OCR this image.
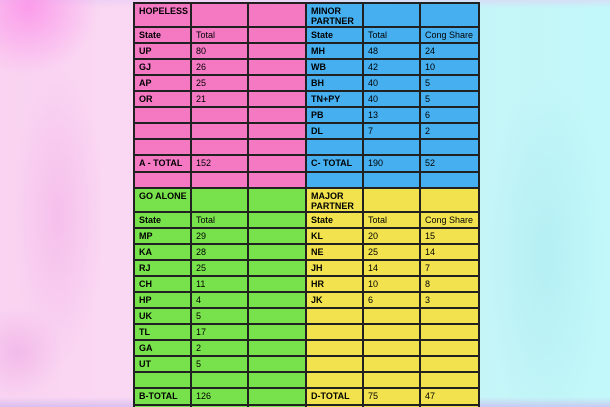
HOPELESS			MINOR PARTNER		
State	Total		State	Total	Cong Share
UP	80		MH	48	24
GJ	26		WB	42	10
AP	25		BH	40	5
OR	21		TN+PY	40	5
			PB	13	6
			DL	7	2

A - TOTAL	152		C- TOTAL	190	52

GO ALONE			MAJOR PARTNER		
State	Total		State	Total	Cong Share
MP	29		KL	20	15
KA	28		NE	25	14
RJ	25		JH	14	7
CH	11		HR	10	8
HP	4		JK	6	3
UK	5				
TL	17				
GA	2				
UT	5				

B-TOTAL	126		D-TOTAL	75	47
